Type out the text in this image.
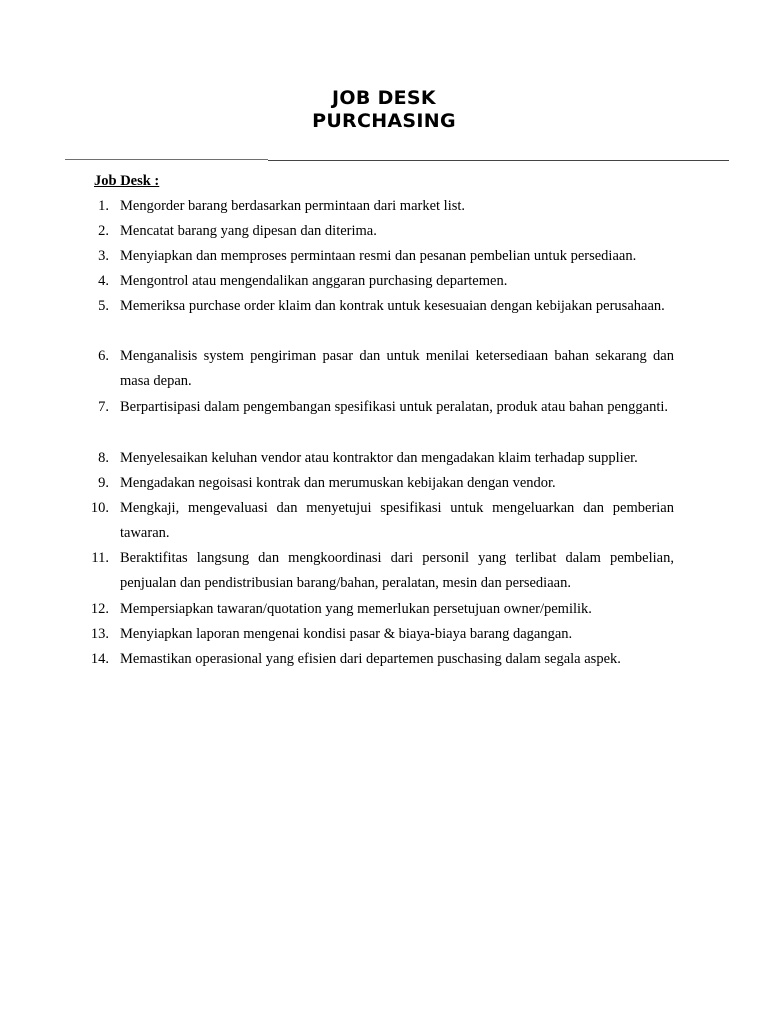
JOB DESK
PURCHASING
Job Desk :
1. Mengorder barang berdasarkan permintaan dari market list.
2. Mencatat barang yang dipesan dan diterima.
3. Menyiapkan dan memproses permintaan resmi dan pesanan pembelian untuk persediaan.
4. Mengontrol atau mengendalikan anggaran purchasing departemen.
5. Memeriksa purchase order klaim dan kontrak untuk kesesuaian dengan kebijakan perusahaan.
6. Menganalisis system pengiriman pasar dan untuk menilai ketersediaan bahan sekarang dan masa depan.
7. Berpartisipasi dalam pengembangan spesifikasi untuk peralatan, produk atau bahan pengganti.
8. Menyelesaikan keluhan vendor atau kontraktor dan mengadakan klaim terhadap supplier.
9. Mengadakan negoisasi kontrak dan merumuskan kebijakan dengan vendor.
10. Mengkaji, mengevaluasi dan menyetujui spesifikasi untuk mengeluarkan dan pemberian tawaran.
11. Beraktifitas langsung dan mengkoordinasi dari personil yang terlibat dalam pembelian, penjualan dan pendistribusian barang/bahan, peralatan, mesin dan persediaan.
12. Mempersiapkan tawaran/quotation yang memerlukan persetujuan owner/pemilik.
13. Menyiapkan laporan mengenai kondisi pasar & biaya-biaya barang dagangan.
14. Memastikan operasional yang efisien dari departemen puschasing dalam segala aspek.
